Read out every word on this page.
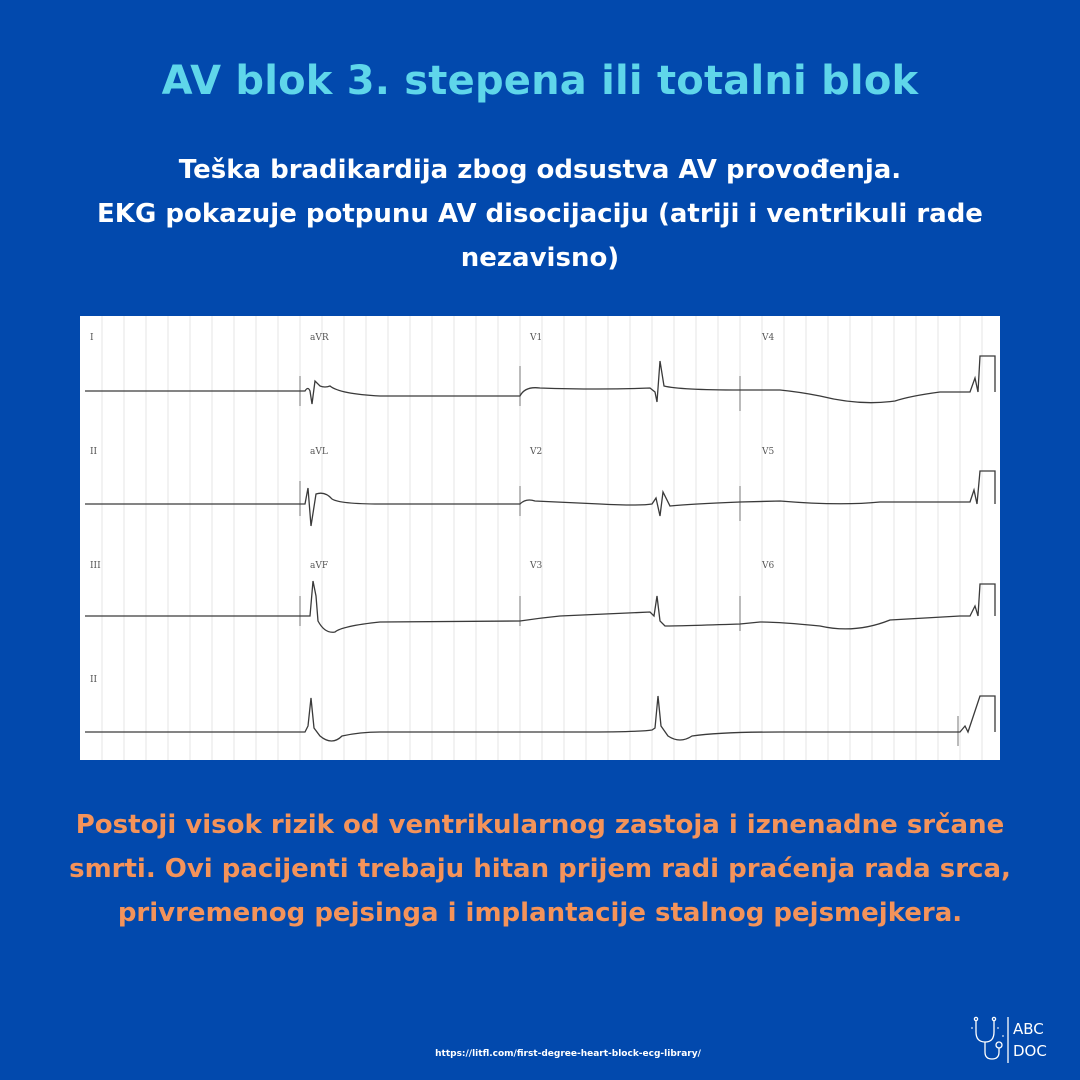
AV blok 3. stepena ili totalni blok
Teška bradikardija zbog odsustva AV provođenja.
EKG pokazuje potpunu AV disocijaciju (atriji i ventrikuli rade nezavisno)
I	aVR	V1	V4
II	aVL	V2	V5
III	aVF	V3	V6
II
Postoji visok rizik od ventrikularnog zastoja i iznenadne srčane smrti. Ovi pacijenti trebaju hitan prijem radi praćenja rada srca, privremenog pejsinga i implantacije stalnog pejsmejkera.
https://litfl.com/first-degree-heart-block-ecg-library/
ABC
DOC
